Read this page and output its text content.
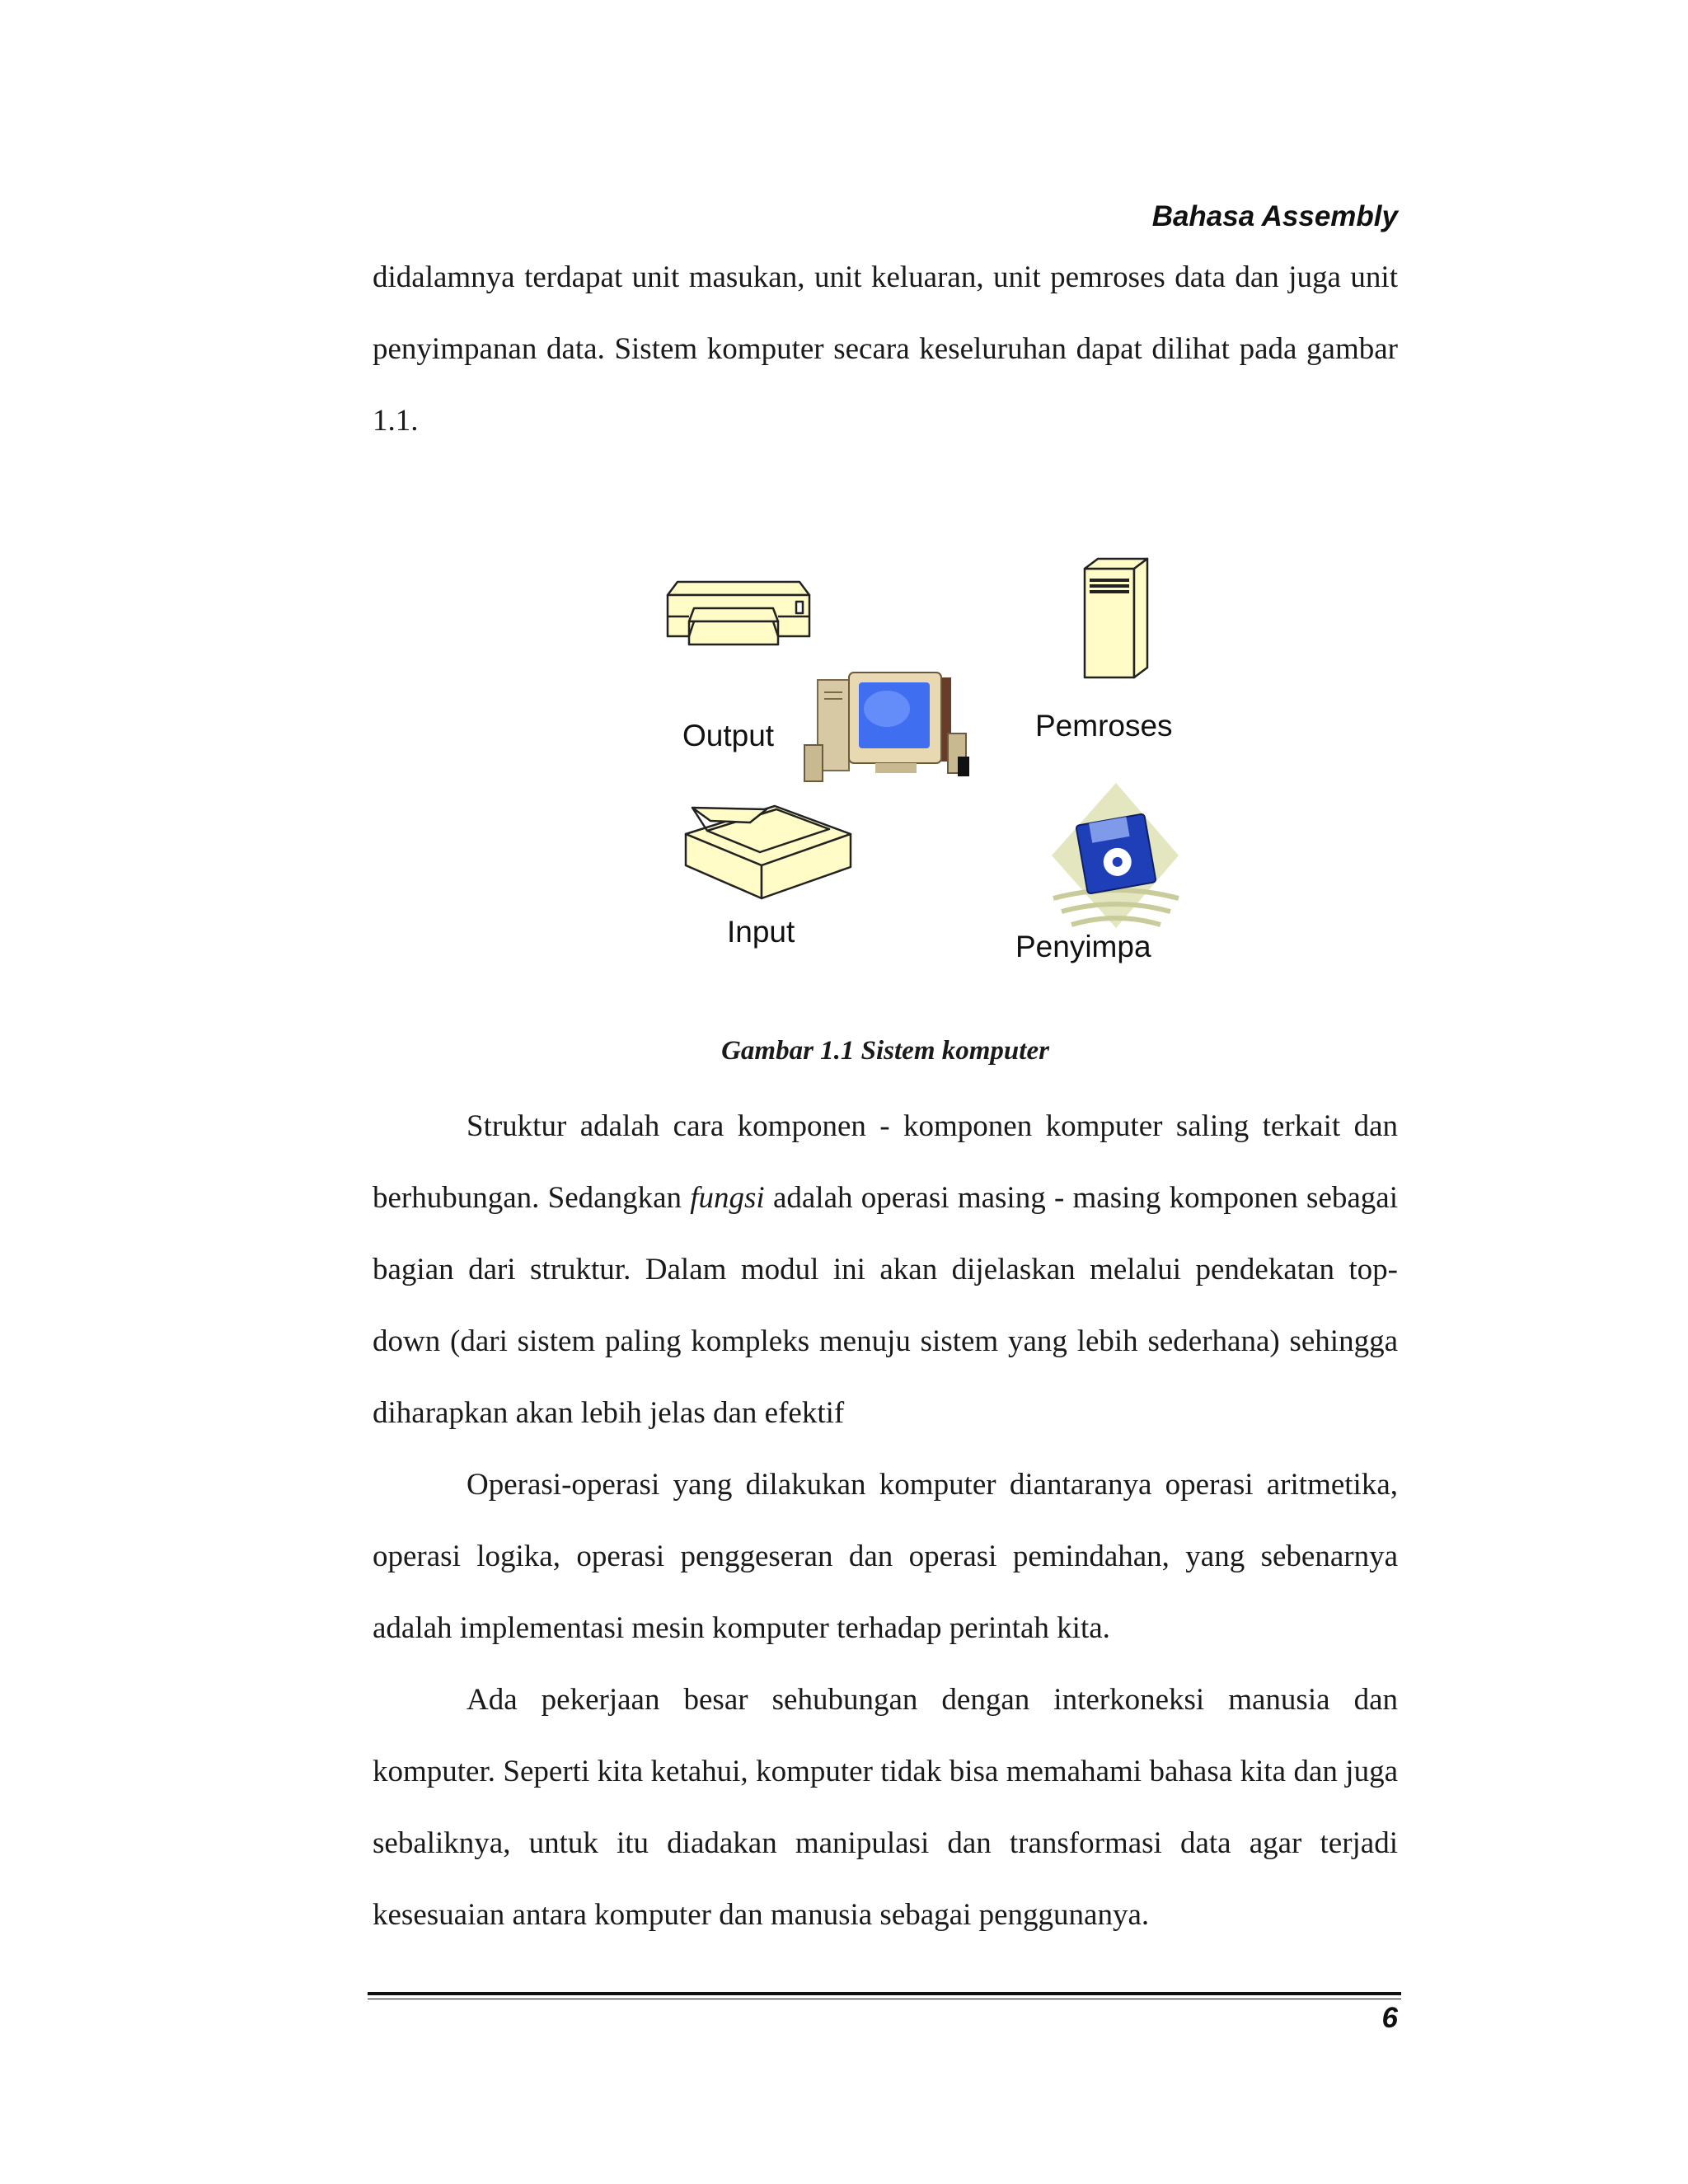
Bahasa Assembly

didalamnya terdapat unit masukan, unit keluaran, unit pemroses data dan juga unit penyimpanan data. Sistem komputer secara keseluruhan dapat dilihat pada gambar 1.1.

Output	Pemroses
Input	Penyimpa
Gambar 1.1 Sistem komputer

Struktur adalah cara komponen - komponen komputer saling terkait dan berhubungan. Sedangkan fungsi adalah operasi masing - masing komponen sebagai bagian dari struktur. Dalam modul ini akan dijelaskan melalui pendekatan top-down (dari sistem paling kompleks menuju sistem yang lebih sederhana) sehingga diharapkan akan lebih jelas dan efektif

Operasi-operasi yang dilakukan komputer diantaranya operasi aritmetika, operasi logika, operasi penggeseran dan operasi pemindahan, yang sebenarnya adalah implementasi mesin komputer terhadap perintah kita.

Ada pekerjaan besar sehubungan dengan interkoneksi manusia dan komputer. Seperti kita ketahui, komputer tidak bisa memahami bahasa kita dan juga sebaliknya, untuk itu diadakan manipulasi dan transformasi data agar terjadi kesesuaian antara komputer dan manusia sebagai penggunanya.

6
